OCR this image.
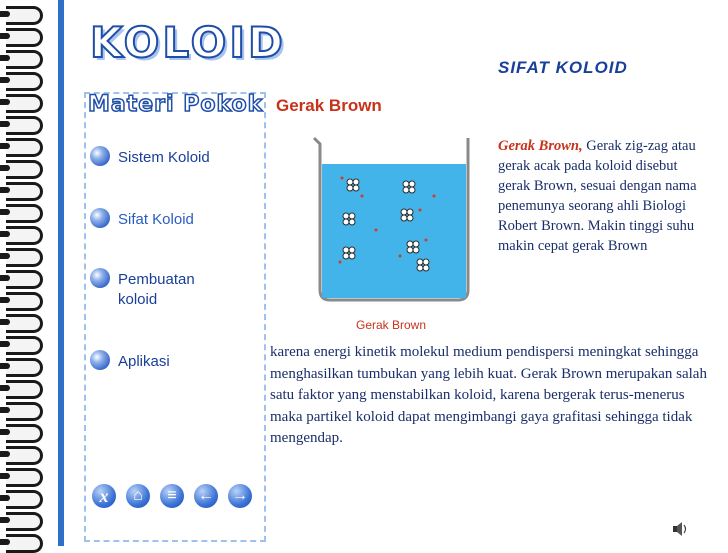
KOLOID
Materi Pokok
Sistem Koloid
Sifat Koloid
Pembuatan koloid
Aplikasi
x ⌂ ≡ ← →
SIFAT KOLOID
Gerak Brown
Gerak Brown
Gerak Brown, Gerak zig-zag atau gerak acak pada koloid disebut gerak Brown, sesuai dengan nama penemunya seorang ahli Biologi Robert Brown. Makin tinggi suhu makin cepat gerak Brown
karena energi kinetik molekul medium pendispersi meningkat sehingga menghasilkan tumbukan yang lebih kuat. Gerak Brown merupakan salah satu faktor yang menstabilkan koloid, karena bergerak terus-menerus maka partikel koloid dapat mengimbangi gaya grafitasi sehingga tidak mengendap.
